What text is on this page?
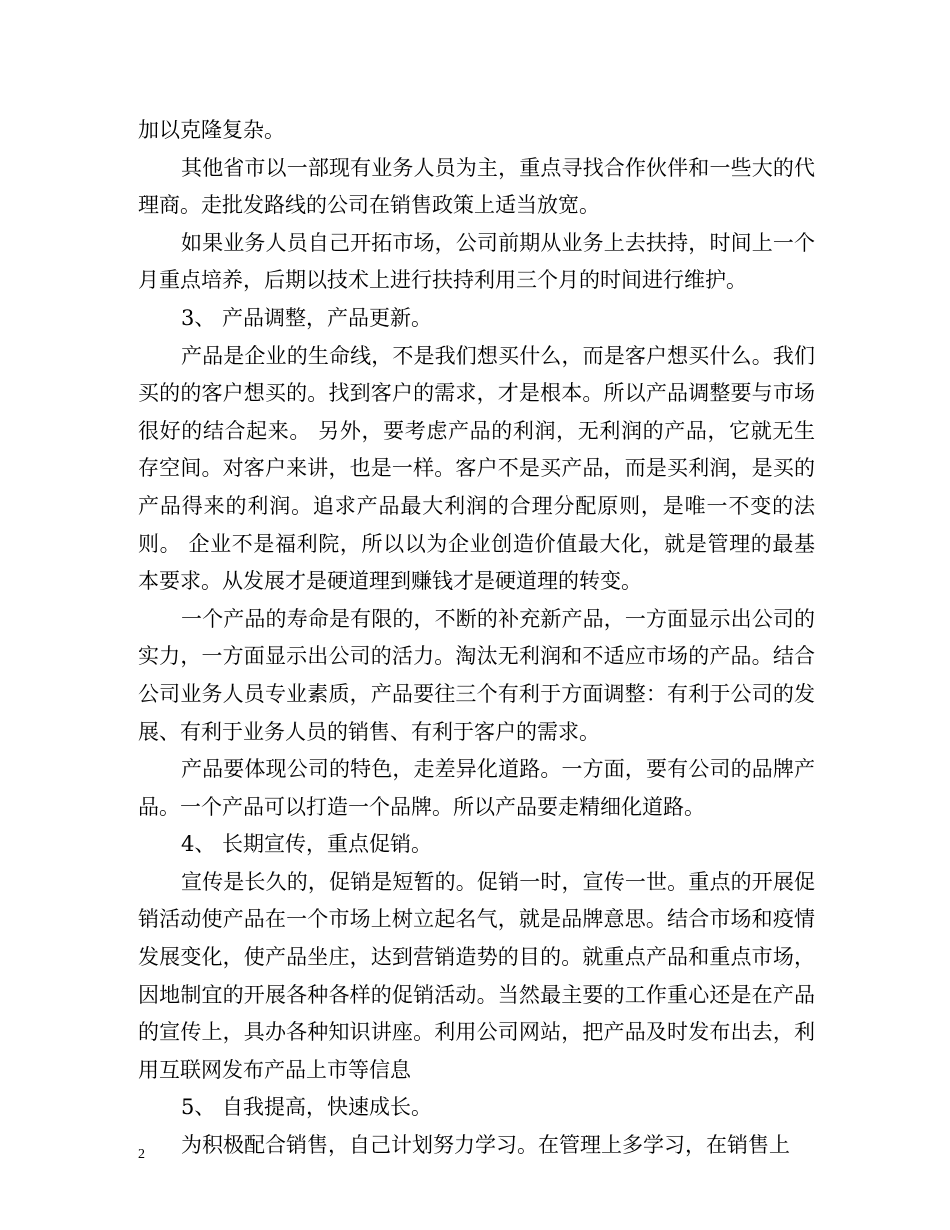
加以克隆复杂。

其他省市以一部现有业务人员为主，重点寻找合作伙伴和一些大的代理商。走批发路线的公司在销售政策上适当放宽。

如果业务人员自己开拓市场，公司前期从业务上去扶持，时间上一个月重点培养，后期以技术上进行扶持利用三个月的时间进行维护。

3、 产品调整，产品更新。

产品是企业的生命线，不是我们想买什么，而是客户想买什么。我们买的的客户想买的。找到客户的需求，才是根本。所以产品调整要与市场很好的结合起来。 另外，要考虑产品的利润，无利润的产品，它就无生存空间。对客户来讲，也是一样。客户不是买产品，而是买利润，是买的产品得来的利润。追求产品最大利润的合理分配原则，是唯一不变的法则。 企业不是福利院，所以以为企业创造价值最大化，就是管理的最基本要求。从发展才是硬道理到赚钱才是硬道理的转变。

一个产品的寿命是有限的，不断的补充新产品，一方面显示出公司的实力，一方面显示出公司的活力。淘汰无利润和不适应市场的产品。结合公司业务人员专业素质，产品要往三个有利于方面调整：有利于公司的发展、有利于业务人员的销售、有利于客户的需求。

产品要体现公司的特色，走差异化道路。一方面，要有公司的品牌产品。一个产品可以打造一个品牌。所以产品要走精细化道路。

4、 长期宣传，重点促销。

宣传是长久的，促销是短暂的。促销一时，宣传一世。重点的开展促销活动使产品在一个市场上树立起名气，就是品牌意思。结合市场和疫情发展变化，使产品坐庄，达到营销造势的目的。就重点产品和重点市场，因地制宜的开展各种各样的促销活动。当然最主要的工作重心还是在产品的宣传上，具办各种知识讲座。利用公司网站，把产品及时发布出去，利用互联网发布产品上市等信息

5、 自我提高，快速成长。

为积极配合销售，自己计划努力学习。在管理上多学习，在销售上

2
